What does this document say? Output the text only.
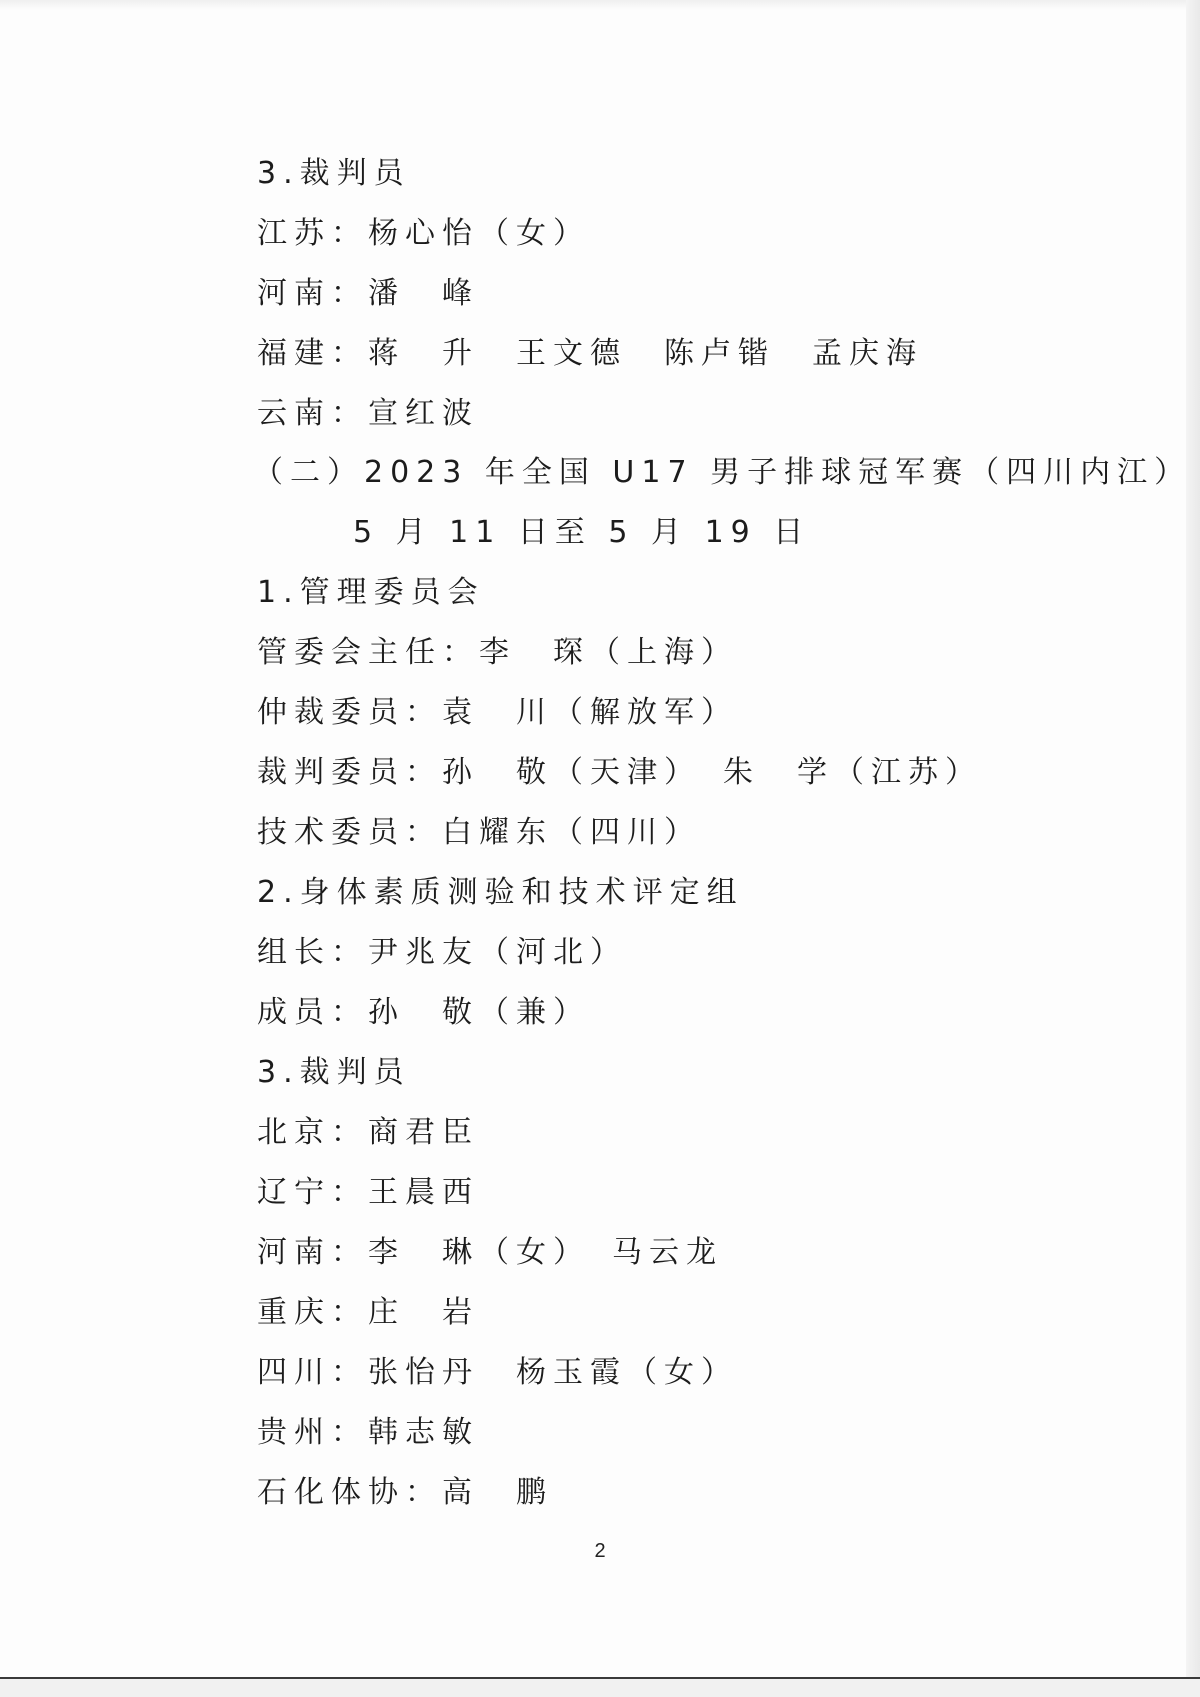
3.裁判员
江苏：杨心怡（女）
河南：潘　峰
福建：蒋　升　王文德　陈卢锴　孟庆海
云南：宣红波
（二）2023 年全国 U17 男子排球冠军赛（四川内江）
5 月 11 日至 5 月 19 日
1.管理委员会
管委会主任：李　琛（上海）
仲裁委员：袁　川（解放军）
裁判委员：孙　敬（天津）　朱　学（江苏）
技术委员：白耀东（四川）
2.身体素质测验和技术评定组
组长：尹兆友（河北）
成员：孙　敬（兼）
3.裁判员
北京：商君臣
辽宁：王晨西
河南：李　琳（女）　马云龙
重庆：庄　岩
四川：张怡丹　杨玉霞（女）
贵州：韩志敏
石化体协：高　鹏
2
